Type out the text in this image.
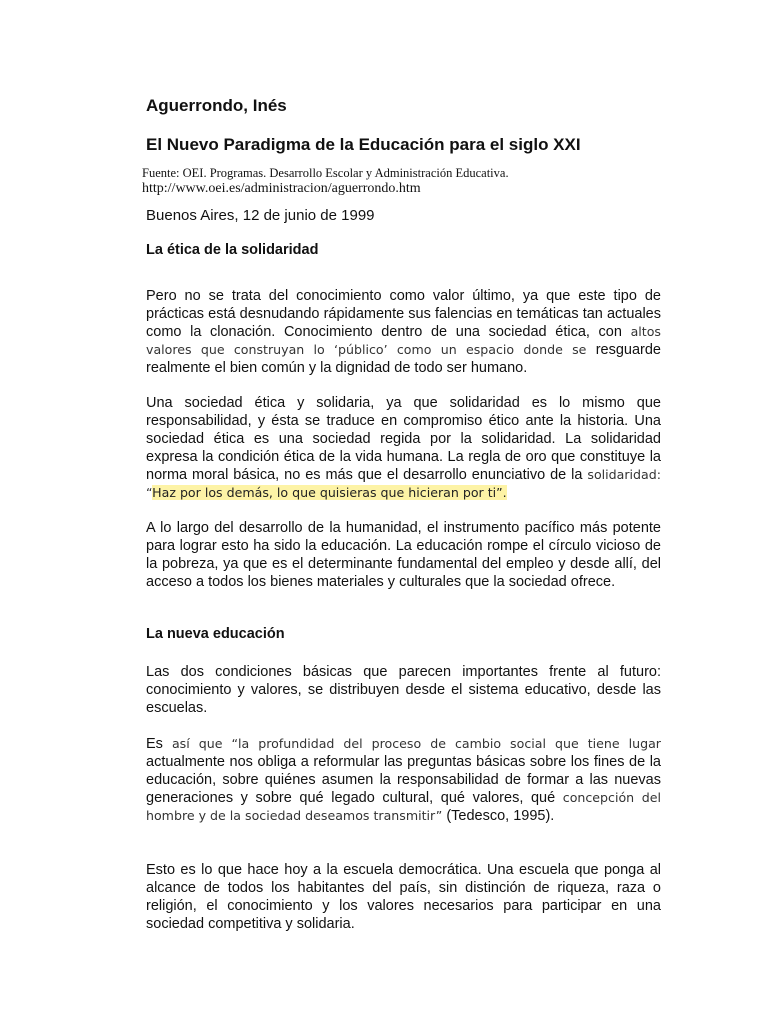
Aguerrondo, Inés

El Nuevo Paradigma de la Educación para el siglo XXI

Fuente: OEI. Programas. Desarrollo Escolar y Administración Educativa.

http://www.oei.es/administracion/aguerrondo.htm

Buenos Aires, 12 de junio de 1999

La ética de la solidaridad

Pero no se trata del conocimiento como valor último, ya que este tipo de prácticas está desnudando rápidamente sus falencias en temáticas tan actuales como la clonación. Conocimiento dentro de una sociedad ética, con altos valores que construyan lo ‘público’ como un espacio donde se resguarde realmente el bien común y la dignidad de todo ser humano.

Una sociedad ética y solidaria, ya que solidaridad es lo mismo que responsabilidad, y ésta se traduce en compromiso ético ante la historia. Una sociedad ética es una sociedad regida por la solidaridad. La solidaridad expresa la condición ética de la vida humana. La regla de oro que constituye la norma moral básica, no es más que el desarrollo enunciativo de la solidaridad: “Haz por los demás, lo que quisieras que hicieran por ti”.

A lo largo del desarrollo de la humanidad, el instrumento pacífico más potente para lograr esto ha sido la educación. La educación rompe el círculo vicioso de la pobreza, ya que es el determinante fundamental del empleo y desde allí, del acceso a todos los bienes materiales y culturales que la sociedad ofrece.

La nueva educación

Las dos condiciones básicas que parecen importantes frente al futuro: conocimiento y valores, se distribuyen desde el sistema educativo, desde las escuelas.

Es así que “la profundidad del proceso de cambio social que tiene lugar actualmente nos obliga a reformular las preguntas básicas sobre los fines de la educación, sobre quiénes asumen la responsabilidad de formar a las nuevas generaciones y sobre qué legado cultural, qué valores, qué concepción del hombre y de la sociedad deseamos transmitir” (Tedesco, 1995).

Esto es lo que hace hoy a la escuela democrática. Una escuela que ponga al alcance de todos los habitantes del país, sin distinción de riqueza, raza o religión, el conocimiento y los valores necesarios para participar en una sociedad competitiva y solidaria.
